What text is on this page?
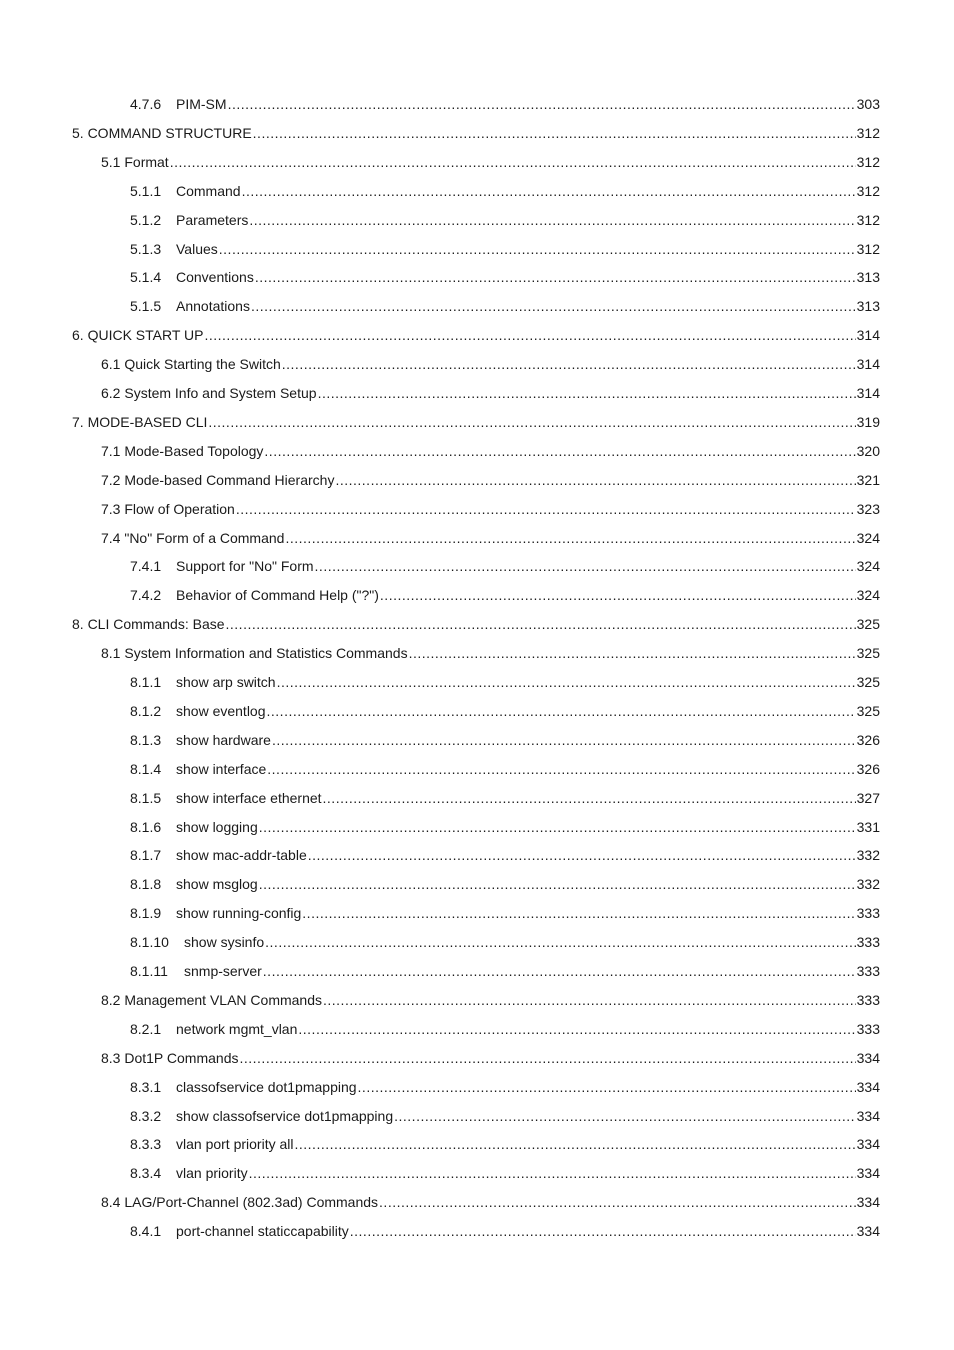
4.7.6	PIM-SM .....	303
5. COMMAND STRUCTURE .....	312
5.1 Format .....	312
5.1.1	Command .....	312
5.1.2	Parameters .....	312
5.1.3	Values .....	312
5.1.4	Conventions .....	313
5.1.5	Annotations .....	313
6. QUICK START UP .....	314
6.1 Quick Starting the Switch .....	314
6.2 System Info and System Setup .....	314
7. MODE-BASED CLI .....	319
7.1 Mode-Based Topology .....	320
7.2 Mode-based Command Hierarchy .....	321
7.3 Flow of Operation .....	323
7.4 "No" Form of a Command .....	324
7.4.1	Support for "No" Form .....	324
7.4.2	Behavior of Command Help ("?") .....	324
8. CLI Commands: Base .....	325
8.1 System Information and Statistics Commands .....	325
8.1.1	show arp switch .....	325
8.1.2	show eventlog .....	325
8.1.3	show hardware .....	326
8.1.4	show interface .....	326
8.1.5	show interface ethernet .....	327
8.1.6	show logging .....	331
8.1.7	show mac-addr-table .....	332
8.1.8	show msglog .....	332
8.1.9	show running-config .....	333
8.1.10	show sysinfo .....	333
8.1.11	snmp-server .....	333
8.2 Management VLAN Commands .....	333
8.2.1	network mgmt_vlan .....	333
8.3 Dot1P Commands .....	334
8.3.1	classofservice dot1pmapping .....	334
8.3.2	show classofservice dot1pmapping .....	334
8.3.3	vlan port priority all .....	334
8.3.4	vlan priority .....	334
8.4 LAG/Port-Channel (802.3ad) Commands .....	334
8.4.1	port-channel staticcapability .....	334
